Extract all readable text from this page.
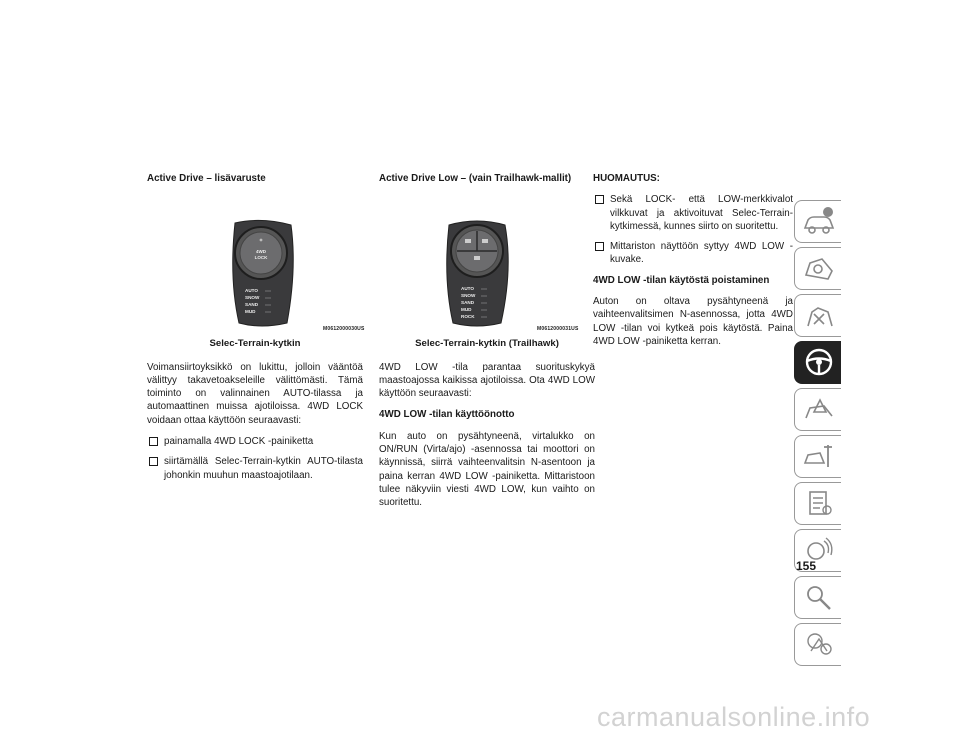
Active Drive – lisävaruste
4WD
LOCK
AUTO
SNOW
SAND
MUD
M0612000030US
Selec-Terrain-kytkin
Voimansiirtoyksikkö on lukittu, jolloin vääntöä välittyy takavetoakseleille välittömästi. Tämä toiminto on valinnainen AUTO-tilassa ja automaattinen muissa ajotiloissa. 4WD LOCK voidaan ottaa käyttöön seuraavasti:
painamalla 4WD LOCK -painiketta
siirtämällä Selec-Terrain-kytkin AUTO-tilasta johonkin muuhun maastoajotilaan.
Active Drive Low – (vain Trailhawk-mallit)
AUTO
SNOW
SAND
MUD
ROCK
M0612000031US
Selec-Terrain-kytkin (Trailhawk)
4WD LOW -tila parantaa suorituskykyä maastoajossa kaikissa ajotiloissa. Ota 4WD LOW käyttöön seuraavasti:
4WD LOW -tilan käyttöönotto
Kun auto on pysähtyneenä, virtalukko on ON/RUN (Virta/ajo) -asennossa tai moottori on käynnissä, siirrä vaihteenvalitsin N-asentoon ja paina kerran 4WD LOW -painiketta. Mittaristoon tulee näkyviin viesti 4WD LOW, kun vaihto on suoritettu.
HUOMAUTUS:
Sekä LOCK- että LOW-merkkivalot vilkkuvat ja aktivoituvat Selec-Terrain-kytkimessä, kunnes siirto on suoritettu.
Mittariston näyttöön syttyy 4WD LOW -kuvake.
4WD LOW -tilan käytöstä poistaminen
Auton on oltava pysähtyneenä ja vaihteenvalitsimen N-asennossa, jotta 4WD LOW -tilan voi kytkeä pois käytöstä. Paina 4WD LOW -painiketta kerran.
155
carmanualsonline.info
